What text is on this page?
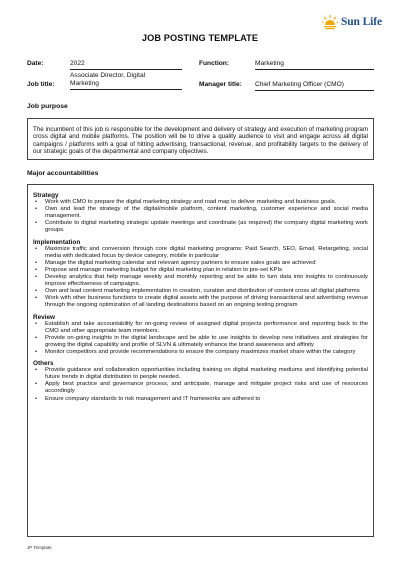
Sun Life
JOB POSTING TEMPLATE
Date:	2022	Function:	Marketing
Job title:
Associate Director, Digital
Marketing	Manager title: Chief Marketing Officer (CMO)
Job purpose

The incumbent of this job is responsible for the development and delivery of strategy and execution of marketing program cross digital and mobile platforms. The position will be to drive a quality audience to visit and engage across all digital campaigns / platforms with a goal of hitting advertising, transactional, revenue, and profitability targets to the delivery of our strategic goals of the departmental and company objectives.

Major accountabilities
Strategy
• Work with CMO to prepare the digital marketing strategy and road map to deliver marketing and business goals.
• Own and lead the strategy of the digital/mobile platform, content marketing, customer experience and social media management.
• Contribute to digital marketing strategic update meetings and coordinate (as required) the company digital marketing work groups.
Implementation
• Maximize traffic and conversion through core digital marketing programs: Paid Search, SEO, Email, Retargeting, social media with dedicated focus by device category, mobile in particular
• Manage the digital marketing calendar and relevant agency partners to ensure sales goals are achieved
• Propose and manage marketing budget for digital marketing plan in relation to pre-set KPIs
• Develop analytics that help manage weekly and monthly reporting and be able to turn data into insights to continuously improve effectiveness of campaigns.
• Own and lead content marketing implementation in creation, curation and distribution of content cross all digital platforms
• Work with other business functions to create digital assets with the purpose of driving transactional and advertising revenue through the ongoing optimization of all landing destinations based on an ongoing testing program
Review
• Establish and take accountability for on-going review of assigned digital projects performance and reporting back to the CMO and other appropriate team members.
• Provide on-going insights in the digital landscape and be able to use insights to develop new initiatives and strategies for growing the digital capability and profile of SLVN & ultimately enhance the brand awareness and affinity
• Monitor competitors and provide recommendations to ensure the company maximizes market share within the category
Others
• Provide guidance and collaboration opportunities including training on digital marketing mediums and identifying potential future trends in digital distribution to people needed.
• Apply best practice and governance process, and anticipate, manage and mitigate project risks and use of resources accordingly
• Ensure company standards to risk management and IT frameworks are adhered to
JP Template
